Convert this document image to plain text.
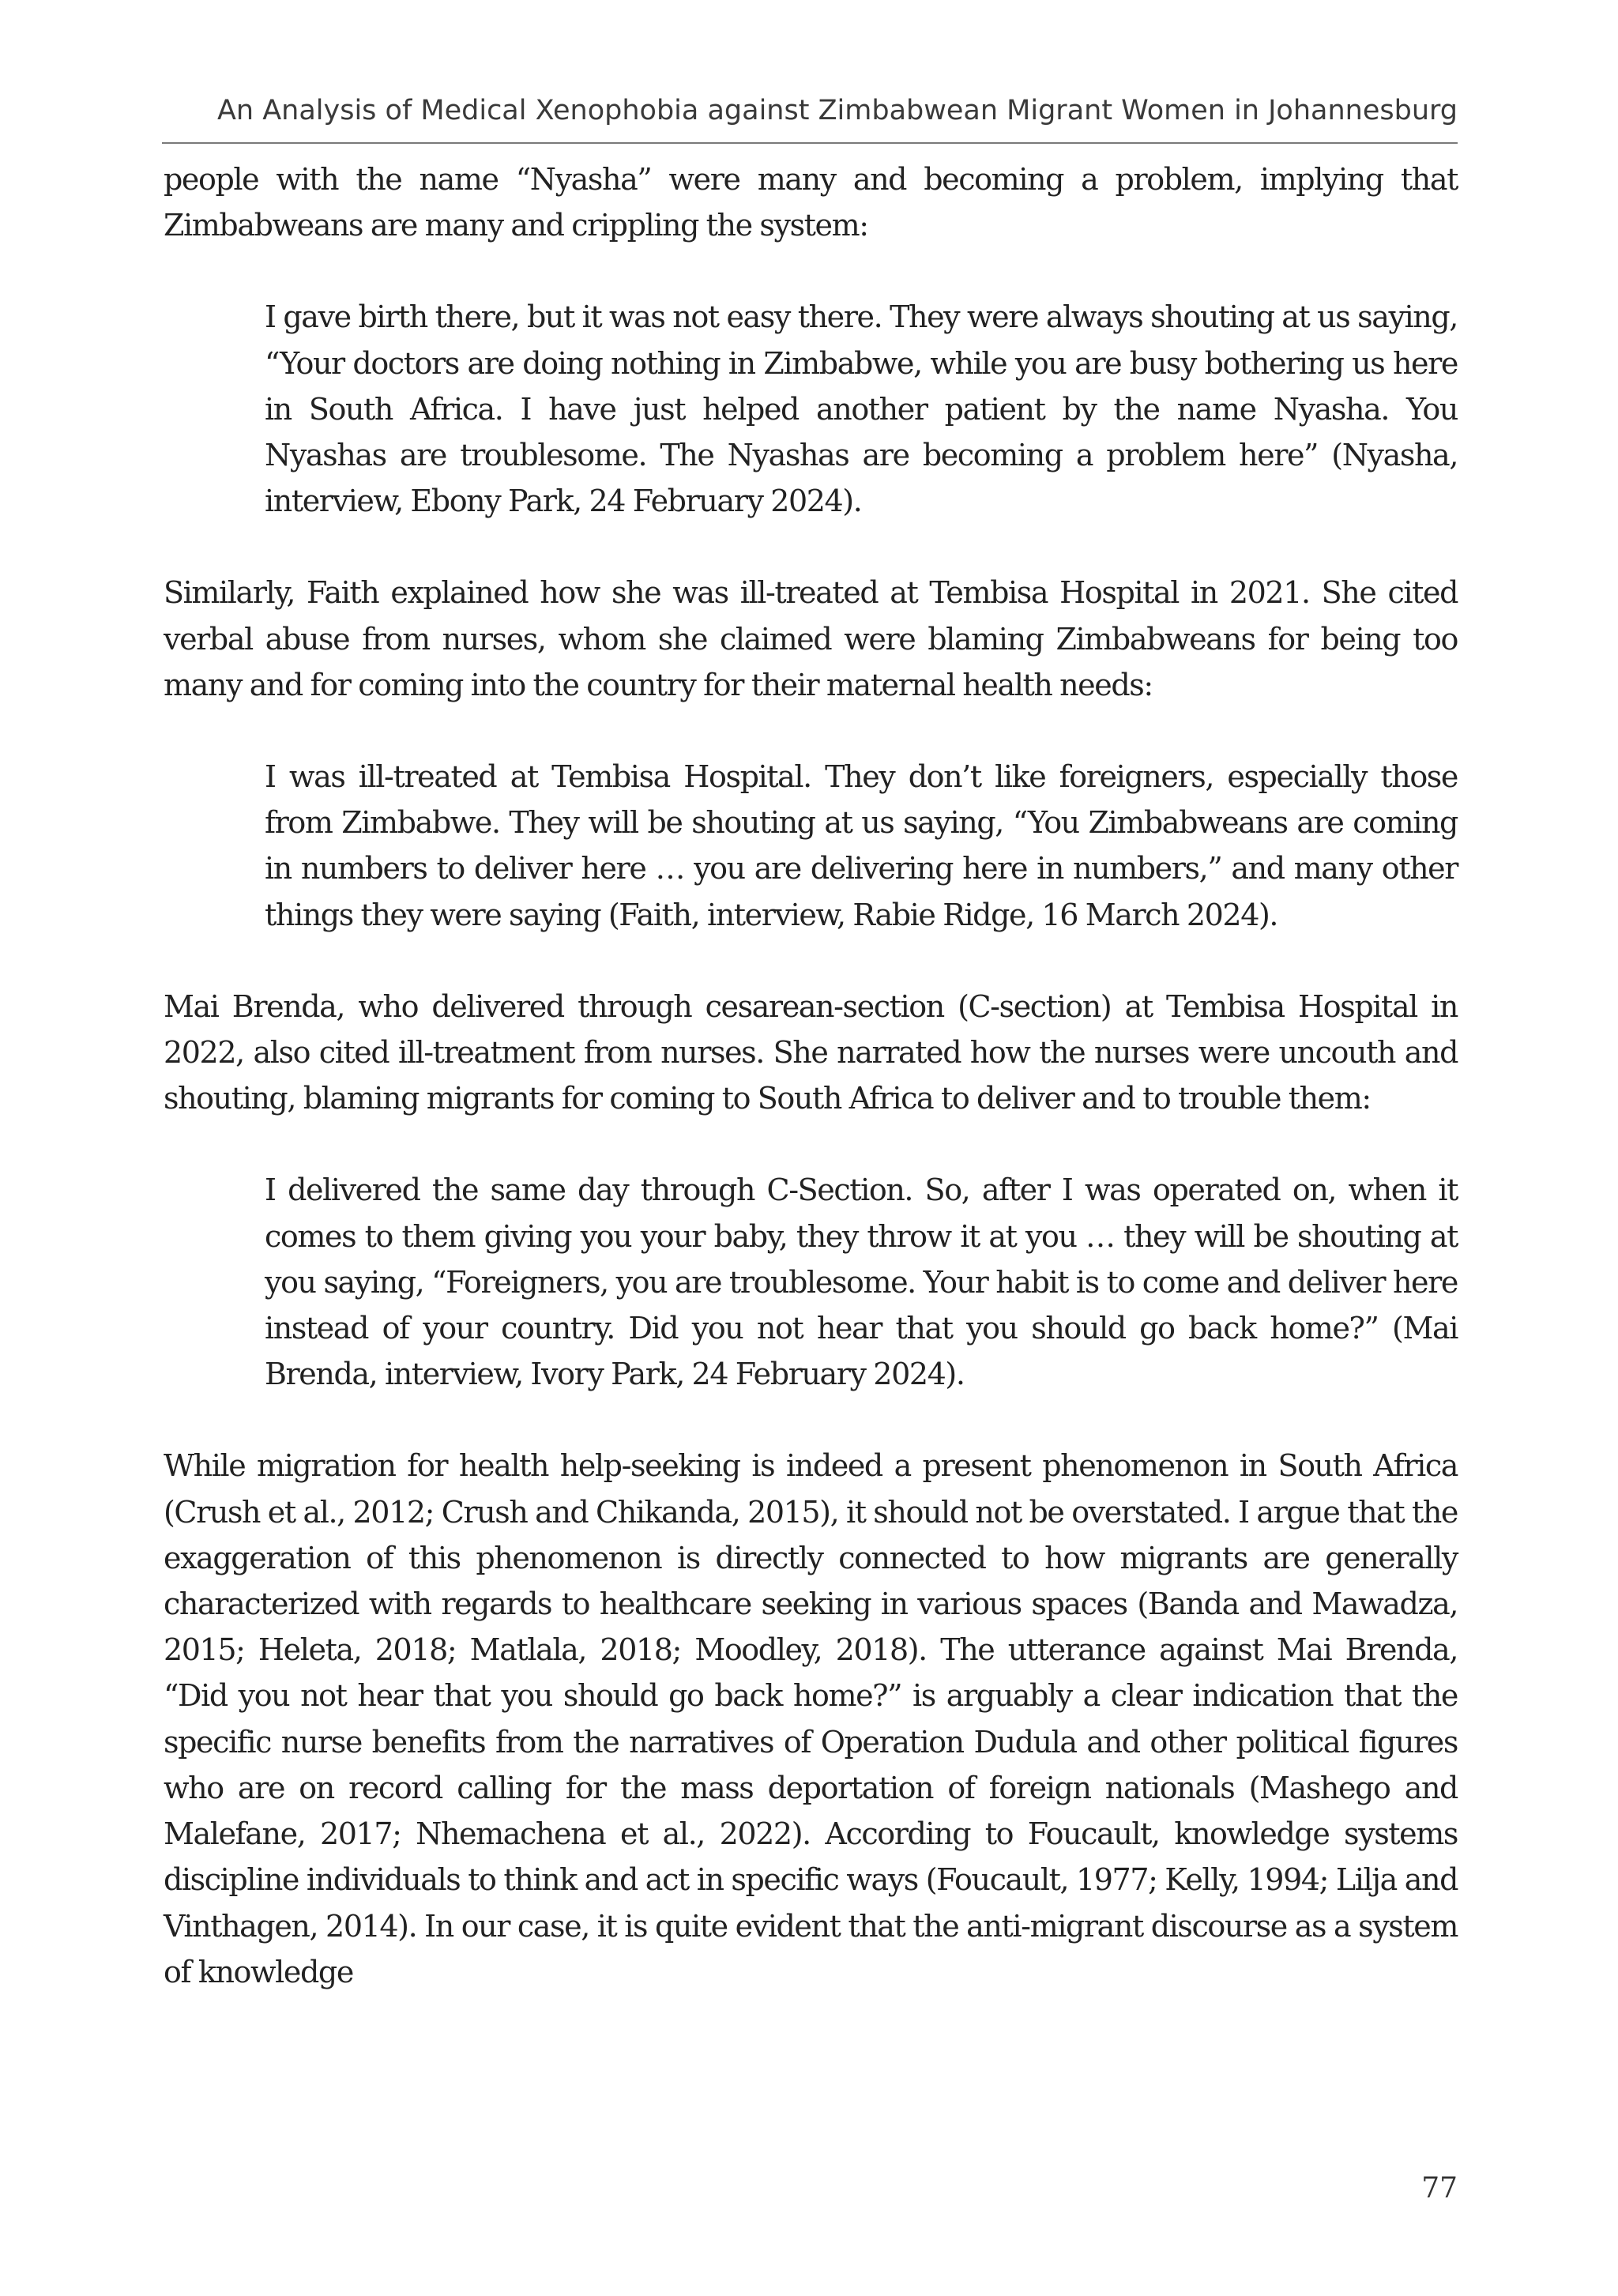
An Analysis of Medical Xenophobia against Zimbabwean Migrant Women in Johannesburg

people with the name “Nyasha” were many and becoming a problem, implying that Zimbabweans are many and crippling the system:

I gave birth there, but it was not easy there. They were always shouting at us saying, “Your doctors are doing nothing in Zimbabwe, while you are busy bothering us here in South Africa. I have just helped another patient by the name Nyasha. You Nyashas are troublesome. The Nyashas are becoming a problem here” (Nyasha, interview, Ebony Park, 24 February 2024).

Similarly, Faith explained how she was ill-treated at Tembisa Hospital in 2021. She cited verbal abuse from nurses, whom she claimed were blaming Zimbabweans for being too many and for coming into the country for their maternal health needs:

I was ill-treated at Tembisa Hospital. They don’t like foreigners, especially those from Zimbabwe. They will be shouting at us saying, “You Zimbabweans are coming in numbers to deliver here … you are delivering here in numbers,” and many other things they were saying (Faith, interview, Rabie Ridge, 16 March 2024).

Mai Brenda, who delivered through cesarean-section (C-section) at Tembisa Hospital in 2022, also cited ill-treatment from nurses. She narrated how the nurses were uncouth and shouting, blaming migrants for coming to South Africa to deliver and to trouble them:

I delivered the same day through C-Section. So, after I was operated on, when it comes to them giving you your baby, they throw it at you … they will be shouting at you saying, “Foreigners, you are troublesome. Your habit is to come and deliver here instead of your country. Did you not hear that you should go back home?” (Mai Brenda, interview, Ivory Park, 24 February 2024).

While migration for health help-seeking is indeed a present phenomenon in South Africa (Crush et al., 2012; Crush and Chikanda, 2015), it should not be overstated. I argue that the exaggeration of this phenomenon is directly connected to how migrants are generally characterized with regards to healthcare seeking in various spaces (Banda and Mawadza, 2015; Heleta, 2018; Matlala, 2018; Moodley, 2018). The utterance against Mai Brenda, “Did you not hear that you should go back home?” is arguably a clear indication that the specific nurse benefits from the narratives of Operation Dudula and other political figures who are on record calling for the mass deportation of foreign nationals (Mashego and Malefane, 2017; Nhemachena et al., 2022). According to Foucault, knowledge systems discipline individuals to think and act in specific ways (Foucault, 1977; Kelly, 1994; Lilja and Vinthagen, 2014). In our case, it is quite evident that the anti-migrant discourse as a system of knowledge

77
